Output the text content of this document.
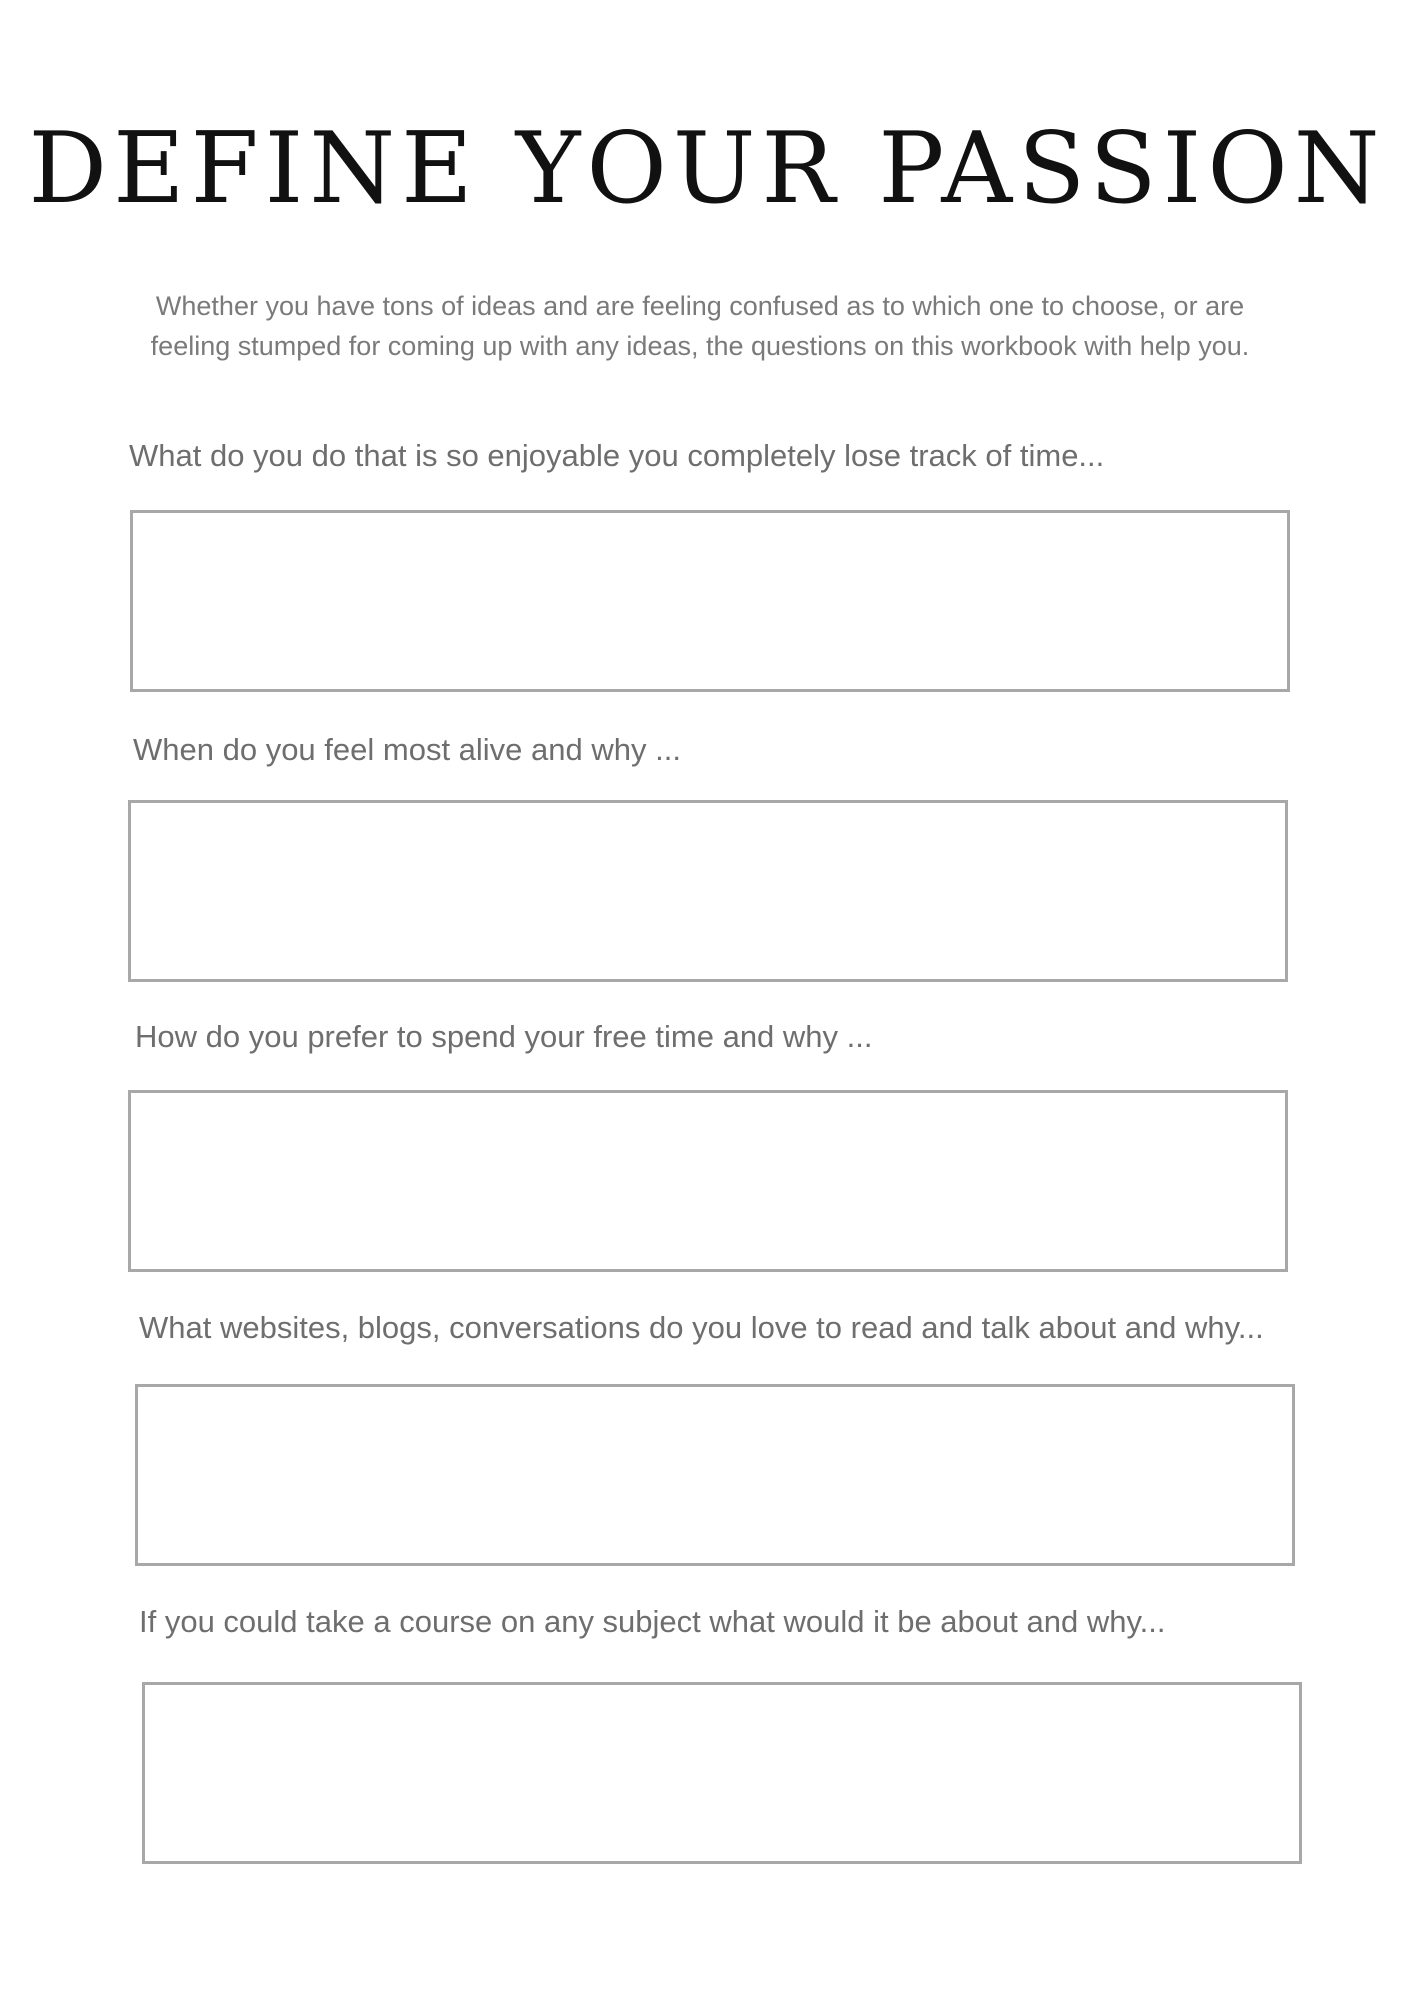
DEFINE YOUR PASSION

Whether you have tons of ideas and are feeling confused as to which one to choose, or are feeling stumped for coming up with any ideas, the questions on this workbook with help you.

What do you do that is so enjoyable you completely lose track of time...

When do you feel most alive and why ...

How do you prefer to spend your free time and why ...

What websites, blogs, conversations do you love to read and talk about and why...

If you could take a course on any subject what would it be about and why...
